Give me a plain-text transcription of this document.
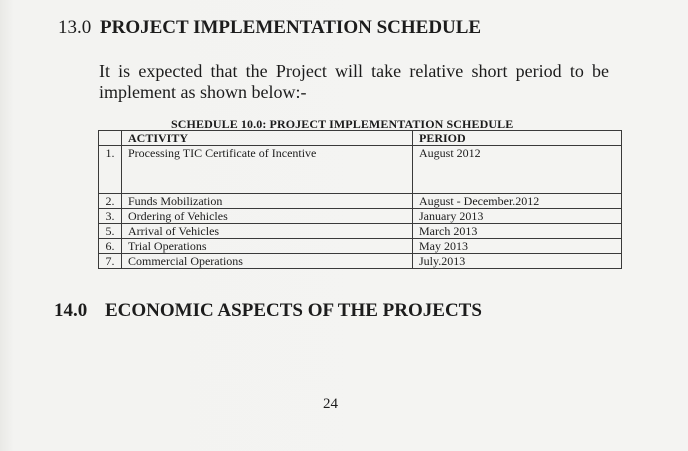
13.0 PROJECT IMPLEMENTATION SCHEDULE
It is expected that the Project will take relative short period to be
implement as shown below:-
SCHEDULE 10.0: PROJECT IMPLEMENTATION SCHEDULE
	ACTIVITY	PERIOD
1.	Processing TIC Certificate of Incentive	August 2012
2.	Funds Mobilization	August - December.2012
3.	Ordering of Vehicles	January 2013
5.	Arrival of Vehicles	March 2013
6.	Trial Operations	May 2013
7.	Commercial Operations	July.2013
14.0 ECONOMIC ASPECTS OF THE PROJECTS
24
